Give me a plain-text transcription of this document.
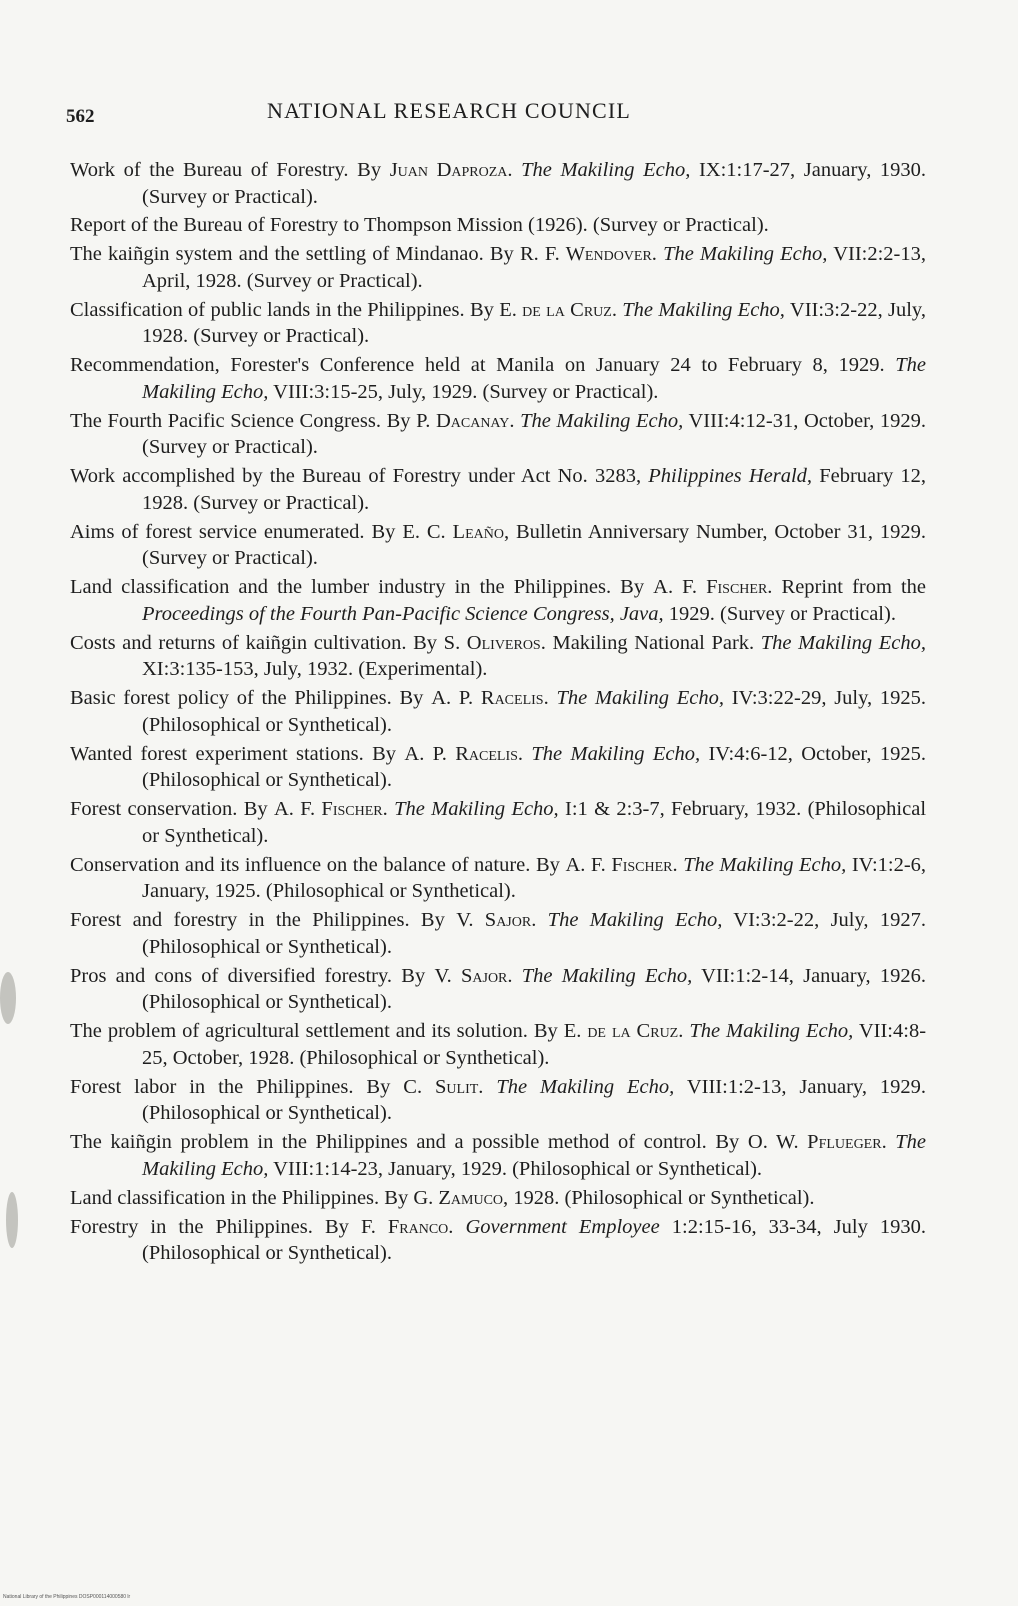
562	NATIONAL RESEARCH COUNCIL

Work of the Bureau of Forestry. By Juan Daproza. The Makiling Echo, IX:1:17-27, January, 1930. (Survey or Practical).

Report of the Bureau of Forestry to Thompson Mission (1926). (Survey or Practical).

The kaiñgin system and the settling of Mindanao. By R. F. Wendover. The Makiling Echo, VII:2:2-13, April, 1928. (Survey or Practical).

Classification of public lands in the Philippines. By E. de la Cruz. The Makiling Echo, VII:3:2-22, July, 1928. (Survey or Practical).

Recommendation, Forester's Conference held at Manila on January 24 to February 8, 1929. The Makiling Echo, VIII:3:15-25, July, 1929. (Survey or Practical).

The Fourth Pacific Science Congress. By P. Dacanay. The Makiling Echo, VIII:4:12-31, October, 1929. (Survey or Practical).

Work accomplished by the Bureau of Forestry under Act No. 3283, Philippines Herald, February 12, 1928. (Survey or Practical).

Aims of forest service enumerated. By E. C. Leaño, Bulletin Anniversary Number, October 31, 1929. (Survey or Practical).

Land classification and the lumber industry in the Philippines. By A. F. Fischer. Reprint from the Proceedings of the Fourth Pan-Pacific Science Congress, Java, 1929. (Survey or Practical).

Costs and returns of kaiñgin cultivation. By S. Oliveros. Makiling National Park. The Makiling Echo, XI:3:135-153, July, 1932. (Experimental).

Basic forest policy of the Philippines. By A. P. Racelis. The Makiling Echo, IV:3:22-29, July, 1925. (Philosophical or Synthetical).

Wanted forest experiment stations. By A. P. Racelis. The Makiling Echo, IV:4:6-12, October, 1925. (Philosophical or Synthetical).

Forest conservation. By A. F. Fischer. The Makiling Echo, I:1 & 2:3-7, February, 1932. (Philosophical or Synthetical).

Conservation and its influence on the balance of nature. By A. F. Fischer. The Makiling Echo, IV:1:2-6, January, 1925. (Philosophical or Synthetical).

Forest and forestry in the Philippines. By V. Sajor. The Makiling Echo, VI:3:2-22, July, 1927. (Philosophical or Synthetical).

Pros and cons of diversified forestry. By V. Sajor. The Makiling Echo, VII:1:2-14, January, 1926. (Philosophical or Synthetical).

The problem of agricultural settlement and its solution. By E. de la Cruz. The Makiling Echo, VII:4:8-25, October, 1928. (Philosophical or Synthetical).

Forest labor in the Philippines. By C. Sulit. The Makiling Echo, VIII:1:2-13, January, 1929. (Philosophical or Synthetical).

The kaiñgin problem in the Philippines and a possible method of control. By O. W. Pflueger. The Makiling Echo, VIII:1:14-23, January, 1929. (Philosophical or Synthetical).

Land classification in the Philippines. By G. Zamuco, 1928. (Philosophical or Synthetical).

Forestry in the Philippines. By F. Franco. Government Employee 1:2:15-16, 33-34, July 1930. (Philosophical or Synthetical).

National Library of the Philippines DOSP000114000580 lr
